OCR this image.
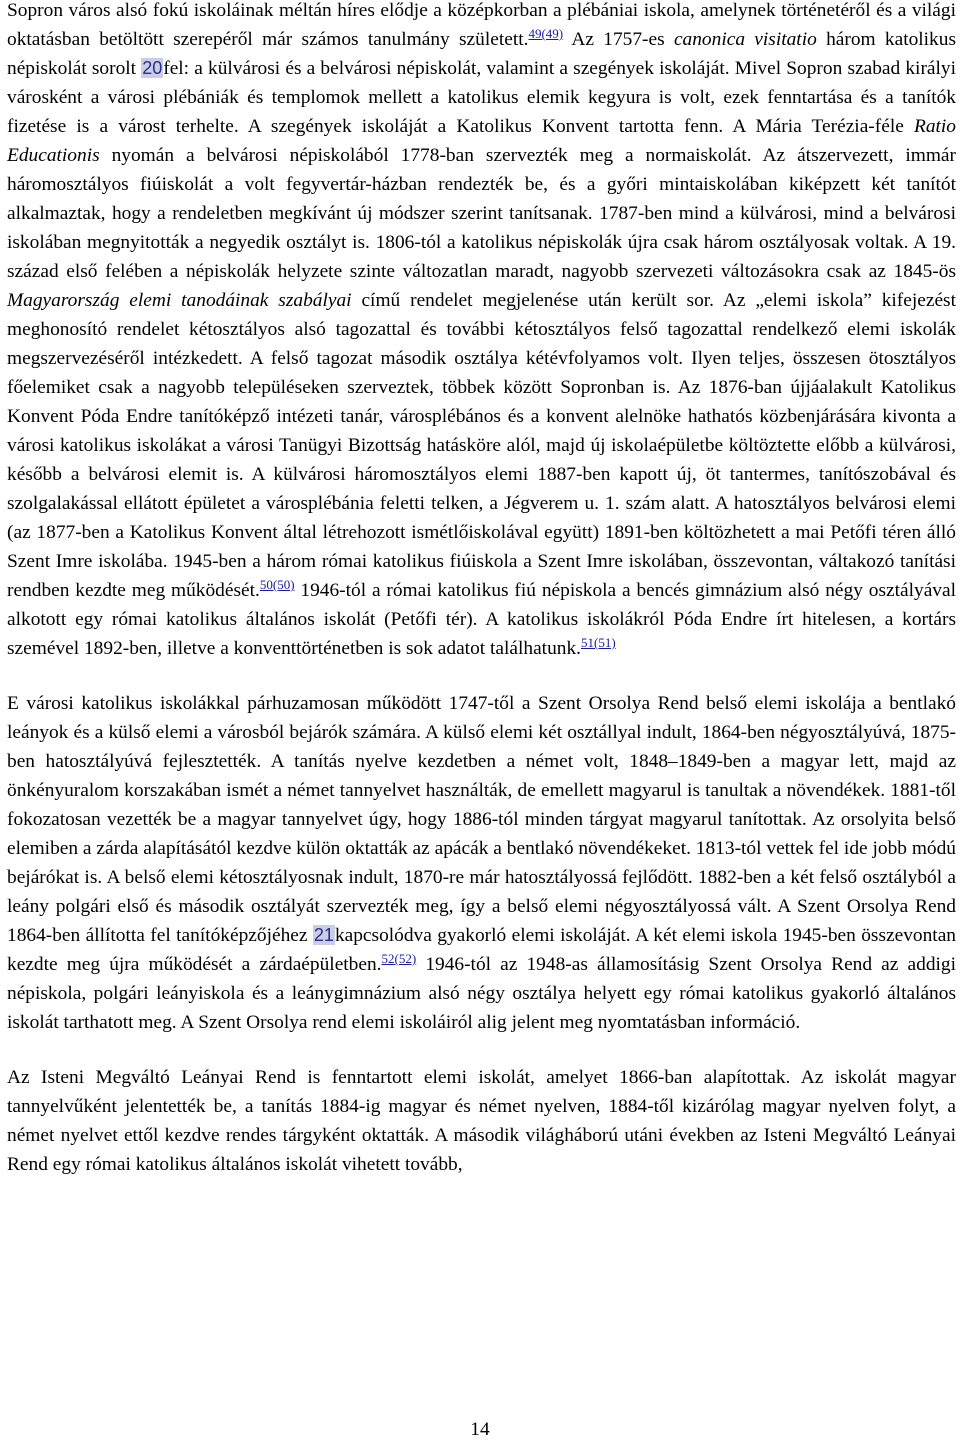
Sopron város alsó fokú iskoláinak méltán híres elődje a középkorban a plébániai iskola, amelynek történetéről és a világi oktatásban betöltött szerepéről már számos tanulmány született.$^{49(49)}$ Az 1757-es canonica visitatio három katolikus népiskolát sorolt 20fel: a külvárosi és a belvárosi népiskolát, valamint a szegények iskoláját. Mivel Sopron szabad királyi városként a városi plébániák és templomok mellett a katolikus elemik kegyura is volt, ezek fenntartása és a tanítók fizetése is a várost terhelte. A szegények iskoláját a Katolikus Konvent tartotta fenn. A Mária Terézia-féle Ratio Educationis nyomán a belvárosi népiskolából 1778-ban szervezték meg a normaiskolát. Az átszervezett, immár háromosztályos fiúiskolát a volt fegyvertár-házban rendezték be, és a győri mintaiskolában kiképzett két tanítót alkalmaztak, hogy a rendeletben megkívánt új módszer szerint tanítsanak. 1787-ben mind a külvárosi, mind a belvárosi iskolában megnyitották a negyedik osztályt is. 1806-tól a katolikus népiskolák újra csak három osztályosak voltak. A 19. század első felében a népiskolák helyzete szinte változatlan maradt, nagyobb szervezeti változásokra csak az 1845-ös Magyarország elemi tanodáinak szabályai című rendelet megjelenése után került sor. Az „elemi iskola” kifejezést meghonosító rendelet kétosztályos alsó tagozattal és további kétosztályos felső tagozattal rendelkező elemi iskolák megszervezéséről intézkedett. A felső tagozat második osztálya kétévfolyamos volt. Ilyen teljes, összesen ötosztályos főelemiket csak a nagyobb településeken szerveztek, többek között Sopronban is. Az 1876-ban újjáalakult Katolikus Konvent Póda Endre tanítóképző intézeti tanár, városplébános és a konvent alelnöke hathatós közbenjárására kivonta a városi katolikus iskolákat a városi Tanügyi Bizottság hatásköre alól, majd új iskolaépületbe költöztette előbb a külvárosi, később a belvárosi elemit is. A külvárosi háromosztályos elemi 1887-ben kapott új, öt tantermes, tanítószobával és szolgalakással ellátott épületet a városplébánia feletti telken, a Jégverem u. 1. szám alatt. A hatosztályos belvárosi elemi (az 1877-ben a Katolikus Konvent által létrehozott ismétlőiskolával együtt) 1891-ben költözhetett a mai Petőfi téren álló Szent Imre iskolába. 1945-ben a három római katolikus fiúiskola a Szent Imre iskolában, összevontan, váltakozó tanítási rendben kezdte meg működését.$^{50(50)}$ 1946-tól a római katolikus fiú népiskola a bencés gimnázium alsó négy osztályával alkotott egy római katolikus általános iskolát (Petőfi tér). A katolikus iskolákról Póda Endre írt hitelesen, a kortárs szemével 1892-ben, illetve a konventtörténetben is sok adatot találhatunk.$^{51(51)}$

E városi katolikus iskolákkal párhuzamosan működött 1747-től a Szent Orsolya Rend belső elemi iskolája a bentlakó leányok és a külső elemi a városból bejárók számára. A külső elemi két osztállyal indult, 1864-ben négyosztályúvá, 1875-ben hatosztályúvá fejlesztették. A tanítás nyelve kezdetben a német volt, 1848–1849-ben a magyar lett, majd az önkényuralom korszakában ismét a német tannyelvet használták, de emellett magyarul is tanultak a növendékek. 1881-től fokozatosan vezették be a magyar tannyelvet úgy, hogy 1886-tól minden tárgyat magyarul tanítottak. Az orsolyita belső elemiben a zárda alapításától kezdve külön oktatták az apácák a bentlakó növendékeket. 1813-tól vettek fel ide jobb módú bejárókat is. A belső elemi kétosztályosnak indult, 1870-re már hatosztályossá fejlődött. 1882-ben a két felső osztályból a leány polgári első és második osztályát szervezték meg, így a belső elemi négyosztályossá vált. A Szent Orsolya Rend 1864-ben állította fel tanítóképzőjéhez 21kapcsolódva gyakorló elemi iskoláját. A két elemi iskola 1945-ben összevontan kezdte meg újra működését a zárdaépületben.$^{52(52)}$ 1946-tól az 1948-as államosításig Szent Orsolya Rend az addigi népiskola, polgári leányiskola és a leánygimnázium alsó négy osztálya helyett egy római katolikus gyakorló általános iskolát tarthatott meg. A Szent Orsolya rend elemi iskoláiról alig jelent meg nyomtatásban információ.

Az Isteni Megváltó Leányai Rend is fenntartott elemi iskolát, amelyet 1866-ban alapítottak. Az iskolát magyar tannyelvűként jelentették be, a tanítás 1884-ig magyar és német nyelven, 1884-től kizárólag magyar nyelven folyt, a német nyelvet ettől kezdve rendes tárgyként oktatták. A második világháború utáni években az Isteni Megváltó Leányai Rend egy római katolikus általános iskolát vihetett tovább,

14
